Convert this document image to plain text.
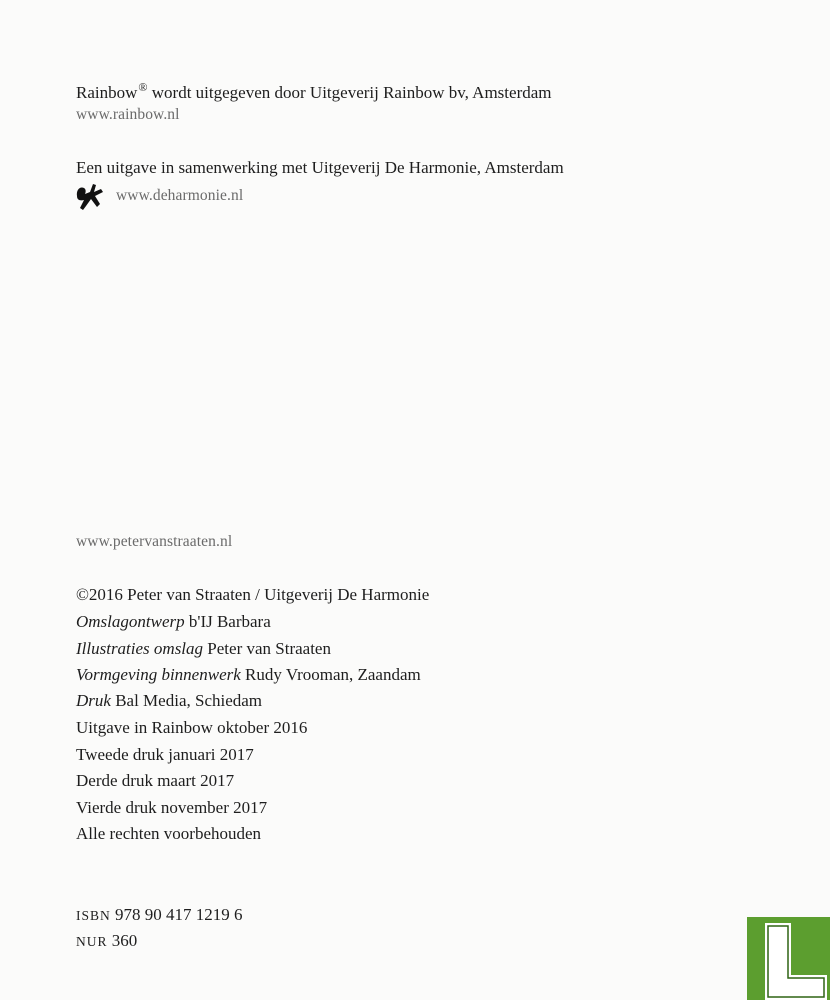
Rainbow® wordt uitgegeven door Uitgeverij Rainbow bv, Amsterdam
www.rainbow.nl
Een uitgave in samenwerking met Uitgeverij De Harmonie, Amsterdam
www.deharmonie.nl
www.petervanstraaten.nl
©2016 Peter van Straaten / Uitgeverij De Harmonie
Omslagontwerp b'IJ Barbara
Illustraties omslag Peter van Straaten
Vormgeving binnenwerk Rudy Vrooman, Zaandam
Druk Bal Media, Schiedam
Uitgave in Rainbow oktober 2016
Tweede druk januari 2017
Derde druk maart 2017
Vierde druk november 2017
Alle rechten voorbehouden
ISBN 978 90 417 1219 6
NUR 360
